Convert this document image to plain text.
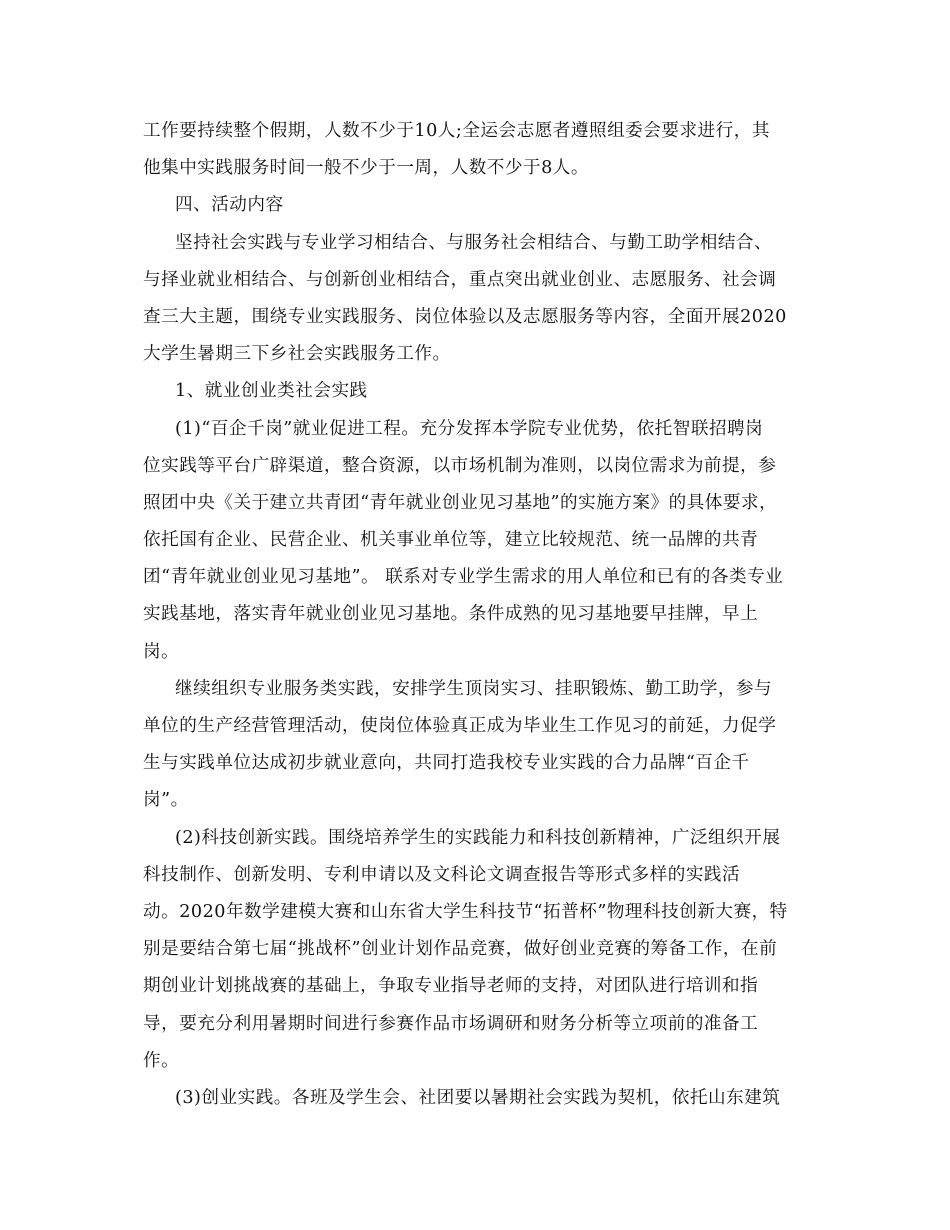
工作要持续整个假期，人数不少于10人;全运会志愿者遵照组委会要求进行，其
他集中实践服务时间一般不少于一周，人数不少于8人。
四、活动内容
坚持社会实践与专业学习相结合、与服务社会相结合、与勤工助学相结合、
与择业就业相结合、与创新创业相结合，重点突出就业创业、志愿服务、社会调
查三大主题，围绕专业实践服务、岗位体验以及志愿服务等内容，全面开展2020
大学生暑期三下乡社会实践服务工作。
1、就业创业类社会实践
(1)“百企千岗”就业促进工程。充分发挥本学院专业优势，依托智联招聘岗
位实践等平台广辟渠道，整合资源，以市场机制为准则，以岗位需求为前提，参
照团中央《关于建立共青团“青年就业创业见习基地”的实施方案》的具体要求，
依托国有企业、民营企业、机关事业单位等，建立比较规范、统一品牌的共青
团“青年就业创业见习基地”。 联系对专业学生需求的用人单位和已有的各类专业
实践基地，落实青年就业创业见习基地。条件成熟的见习基地要早挂牌，早上
岗。
继续组织专业服务类实践，安排学生顶岗实习、挂职锻炼、勤工助学，参与
单位的生产经营管理活动，使岗位体验真正成为毕业生工作见习的前延，力促学
生与实践单位达成初步就业意向，共同打造我校专业实践的合力品牌“百企千
岗”。
(2)科技创新实践。围绕培养学生的实践能力和科技创新精神，广泛组织开展
科技制作、创新发明、专利申请以及文科论文调查报告等形式多样的实践活
动。2020年数学建模大赛和山东省大学生科技节“拓普杯”物理科技创新大赛，特
别是要结合第七届“挑战杯”创业计划作品竞赛，做好创业竞赛的筹备工作，在前
期创业计划挑战赛的基础上，争取专业指导老师的支持，对团队进行培训和指
导，要充分利用暑期时间进行参赛作品市场调研和财务分析等立项前的准备工
作。
(3)创业实践。各班及学生会、社团要以暑期社会实践为契机，依托山东建筑
